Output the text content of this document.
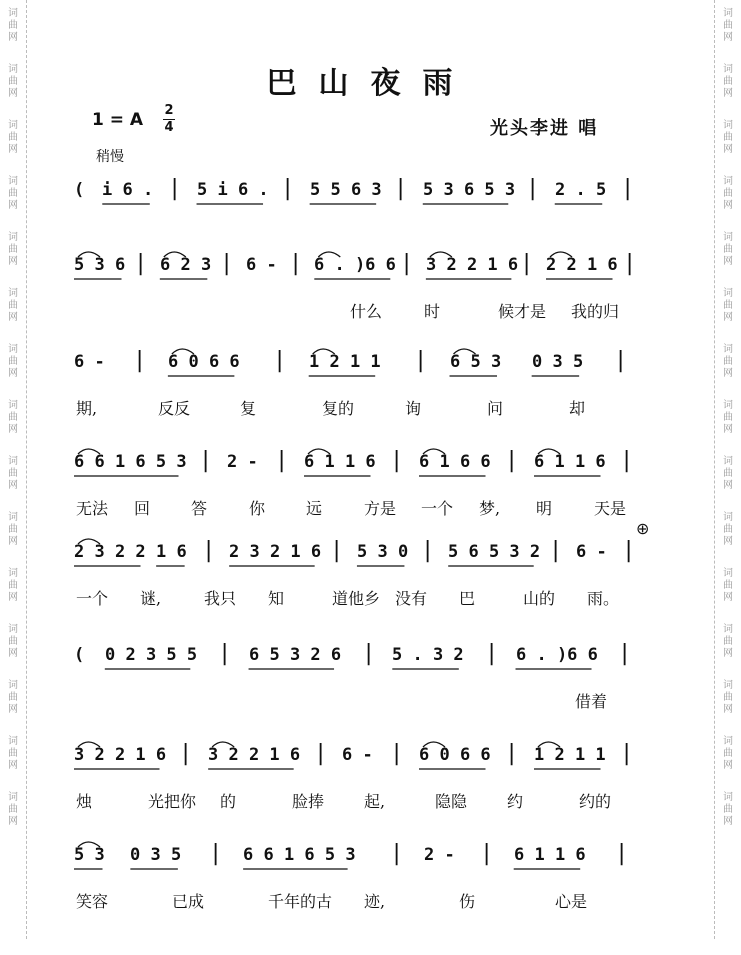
词
曲
网
词
曲
网
词
曲
网
词
曲
网
词
曲
网
词
曲
网
词
曲
网
词
曲
网
词
曲
网
词
曲
网
词
曲
网
词
曲
网
词
曲
网
词
曲
网
词
曲
网
词
曲
网
词
曲
网
词
曲
网
词
曲
网
词
曲
网
词
曲
网
词
曲
网
词
曲
网
词
曲
网
词
曲
网
词
曲
网
词
曲
网
词
曲
网
词
曲
网
词
曲
网
巴山夜雨
1 = A 2
4
稍慢
光头李进 唱
⊕
( i 6 . | 5 i 6 . | 5 5 6 3 | 5 3 6 5 3 | 2 . 5 |
5 3 6 | 6 2 3 | 6 - | 6 . )6 6 | 3 2 2 1 6 | 2 2 1 6 |
什么	时	候才是 我的归
6 - | 6 0 6 6 | 1 2 1 1 | 6 5 3 0 3 5 |
期,	反反	复	复的	询	问	却
6 6 1 6 5 3 | 2 - | 6 1 1 6 | 6 1 6 6 | 6 1 1 6 |
无法 回	答	你	远	方是 一个 梦, 明	天是
2 3 2 2 1 6 | 2 3 2 1 6 | 5 3 0 | 5 6 5 3 2 | 6 - |
一个 谜,	我只 知	道他乡 没有 巴	山的 雨。
( 0 2 3 5 5 | 6 5 3 2 6 | 5 . 3 2 | 6 . )6 6 |
借着
3 2 2 1 6 | 3 2 2 1 6 | 6 - | 6 0 6 6 | 1 2 1 1 |
烛	光把你 的	脸捧 起,	隐隐 约	约的
5 3 0 3 5 | 6 6 1 6 5 3 | 2 - | 6 1 1 6 |
笑容	已成	千年的古 迹,	伤	心是
